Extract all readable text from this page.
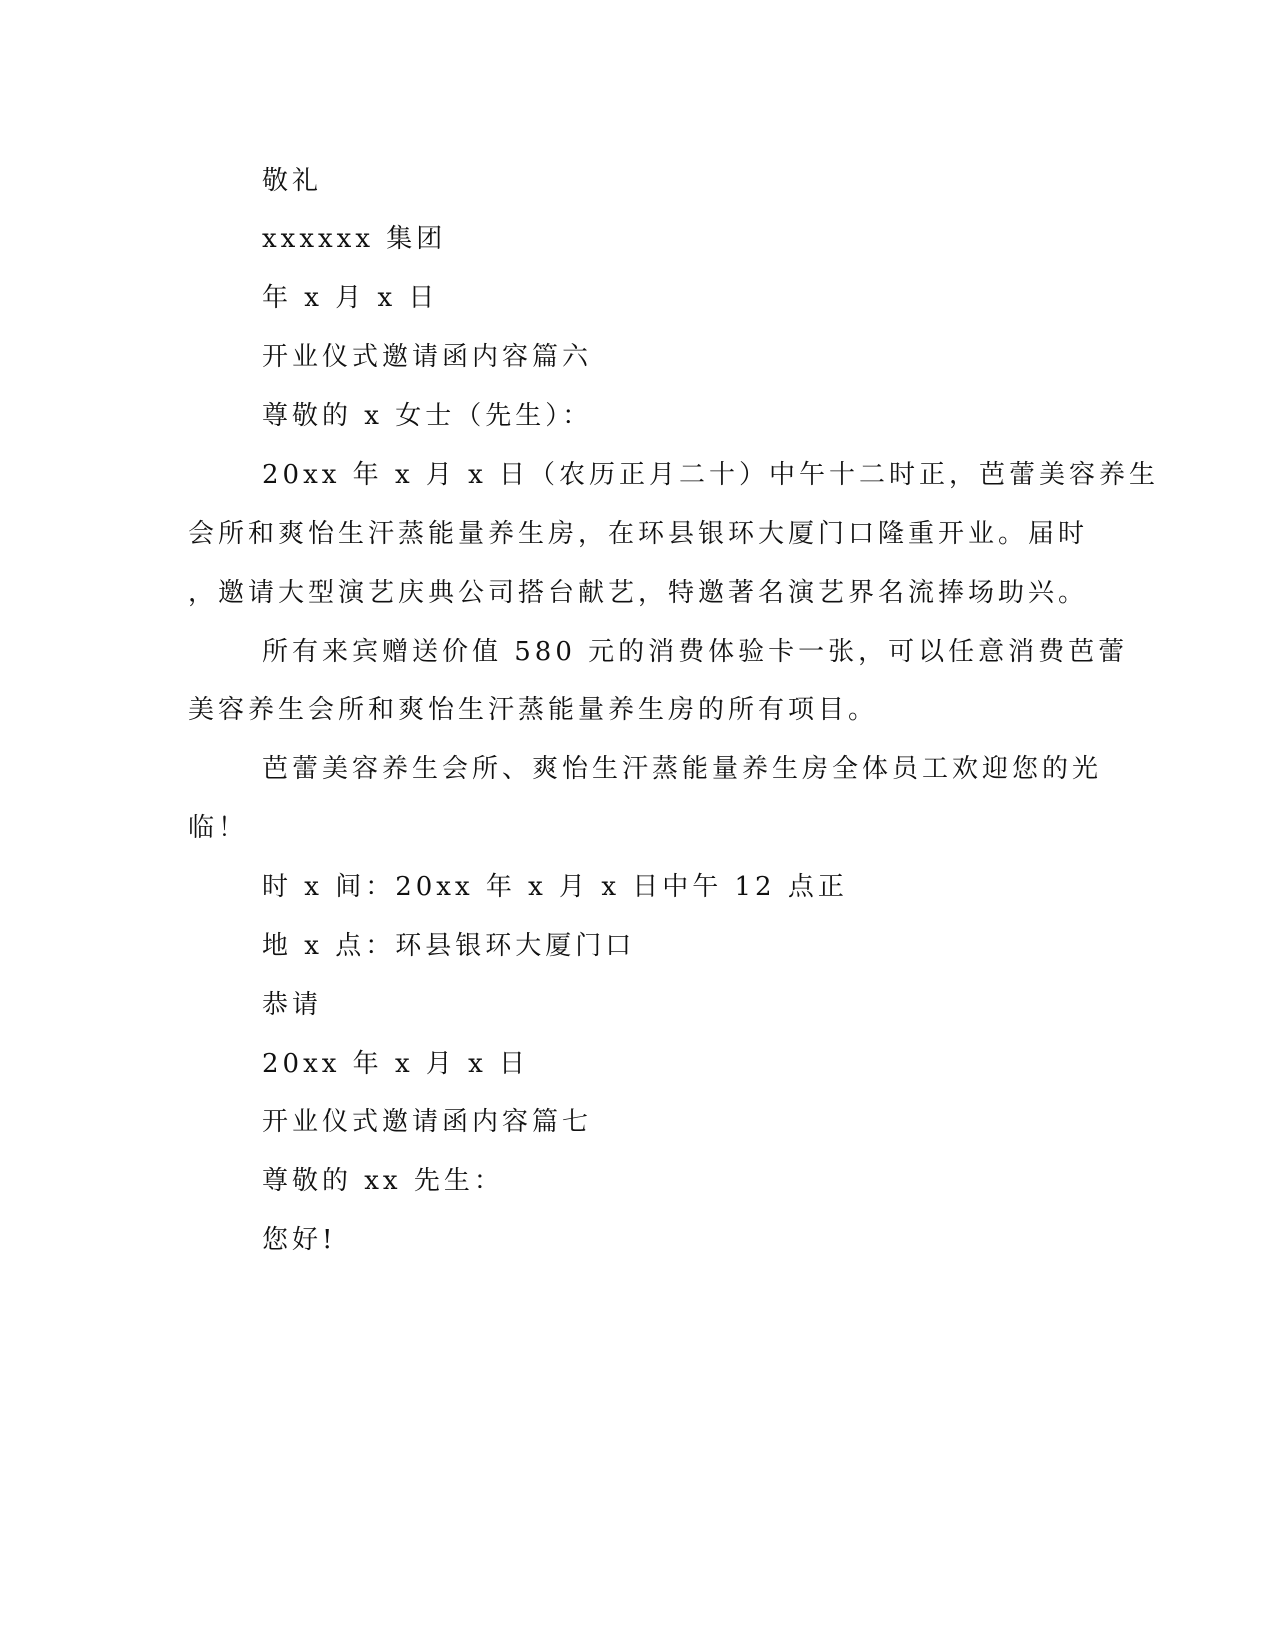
敬礼
xxxxxx 集团
年 x 月 x 日
开业仪式邀请函内容篇六
尊敬的 x 女士（先生）：
20xx 年 x 月 x 日（农历正月二十）中午十二时正，芭蕾美容养生
会所和爽怡生汗蒸能量养生房，在环县银环大厦门口隆重开业。届时
，邀请大型演艺庆典公司搭台献艺，特邀著名演艺界名流捧场助兴。
所有来宾赠送价值 580 元的消费体验卡一张，可以任意消费芭蕾
美容养生会所和爽怡生汗蒸能量养生房的所有项目。
芭蕾美容养生会所、爽怡生汗蒸能量养生房全体员工欢迎您的光
临！
时 x 间：20xx 年 x 月 x 日中午 12 点正
地 x 点：环县银环大厦门口
恭请
20xx 年 x 月 x 日
开业仪式邀请函内容篇七
尊敬的 xx 先生：
您好!
